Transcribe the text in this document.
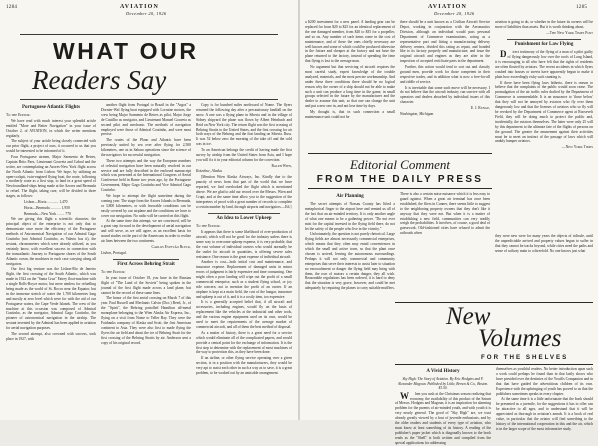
1284	AVIATION
December 20, 1926
WHAT OUR
Readers Say
Portuguese Atlantic Flights

To the Editor:

We have read with much interest your splendid article entitled "More and Better Navigation" in your issue of October 2, of AVIATION, in which the writer mentions regularly.

The subject of your article being closely connected with our prior flight, a project of ours, it occurred to us that you would be interested to be informed of it.

Four Portuguese airmen, Major Sarmento de Beires, Captain Brito Paes, Lieutenant Gouveia and Cabral and the writer, are contemplating an Azores-New York flight across the North Atlantic from Lisbon. We hope, by utilizing an open-cockpit, twin-engined flying boat, the route, following a northerly route as a first stop, to land in a great speed of Newfoundland-ships being made at the Azores and Bermuda to refuel. The flight, taking care, will be divided in three stages, as follows:

Lisbon—Horta ............ 1,470

Horta—Bermuda ........... 1,950

Bermuda—New York ........ 770

We are giving this flight a scientific character, the principal object of the enterprise is not only that to demonstrate once more the efficiency of the Portuguese methods of Astronomical Navigation of our Admiral Gago Coutinho (not Admiral Coutinho, as Valerio has it), the sextant, chronometers which were already utilized, as you certainly know, with excellent success in connection with the transatlantic Journey to Portuguese shores of the South Atlantic ocean, the machines in each case carrying along all navigators.

Our first big venture was the Lisbon-Rio de Janeiro flight, the first crossing of the South Atlantic, which was made in 1922 on the "Santa Cruz" Fairey float-machine with a single Rolls-Royce motor, but mere aimless for refuelling being made as the world of St. Rocco near the Equator, but in the immense stretch of water the 1,700 kilometres long and mostly at zero level which were for with the aid of our Portuguese waters, the Cape Verde Islands. The crew of the machine at this occasion was composed of Admiral Coutinho, as the navigator, Admiral Gago Coutinho, the pioneer of astronomical navigation in the airship. The sextant invented by the Admiral has been applied in aviation for aerial navigation purposes.

The second attempt, also crowned with success, took place in 1927, with

another flight from Portugal to Brazil in the "Argos" a Dornier-Wal flying boat equipped with Lorraine motors, the crew being Major Sarmento de Beires as pilot, Major Jorge de Castilho as navigator, and Lieutenant Manuel Gouveia as second pilot and mechanic. The methods of navigation employed were those of Admiral Coutinho, and were most precise.

The routes of the Plano and Atlantic have been previously united by sea over after flying for 2,500 kilometres, one as in Sahara operations since the science of the navigators for successful navigation.

These two attempts and the way the European numbers of celestial navigation have been naturally resolved in our service and are fully described in the enclosed manuscript which was presented at the International Congress of Aerial Conference held in Rome two years ago, by the Portuguese Government, Major Gago Coutinho and Vice Admiral Gago Coutinho.

We hope to attempt the flight sometime during the coming year. The stage from the Azores Islands to Bermuda, or 3,800 kilometres, or with favorable conditions can be easily covered by our airplane and the conditions we have to cover our navigation. No radio will be carried on this flight.

At the same time this attempt, we are convinced, will be a great step forward in the development of aerial navigation and will serve, as we will agree, as an excellent basis for sound studies on the part of the Americans in order to realize air lines between the two continents.

Carlos Estevão Bleck,

Lisbon, Portugal.

First Across Behring Strait

To the Editor:

In your issue of October 18, you have in the Russian flight of "The Land of the Soviets" being spoken in the journal of the first flight made across a land plane, but cannot be the record of these same lines.

The honor of the first aerial crossing on March 7 of this year. Paul Russell and Mechanic Calvin (Doc.) Reed, Jr., of the "Spirit", the Behring patrolled Hamilton all-metal monoplane belonging to the Wien Alaska Air Express, Inc., flying on a visit from Nome to Teller Bay. They were the Fairbanks company of Alaska and Scott, the first American continent to Asia. They were also first to made flying the flyers the air field and about the ice of Behring Strait for the first crossing of the Behring Straits by air. Anderson sent a copy of his original record.

Copy is for hundred miles northward of Nome. The flyers returned the following day after a precautionary landfall on the snow. A one was a flying plane in Siberia and in the village of Sidney shipyard the plane was flown by Albert Heinbach and Reid on New York city. The return flight was the first crossing of Behring Straits to the United States, and the first crossing for air both ways of the Behring and the first landing on Siberia. Russ. It was 52 below zero the morning of the take off and the cold was in ice.

To an American belongs the credit of having made the first survey by airship from the United States from Asia, and I hope you will fix it in your editorial column for the correction.

Ralph Wien,

Kotzebue, Alaska.

[Mention Wien Alaska Airways, Inc. Kindly due to the paucity of news from that part of the world that we have reported, we find overlooked the flight which is mentioned above. We are glad to add our record over the Messrs. Wien and Crupi, and at the same time allow you to the suggestion of the interpreters of proof with a great number of records to complete a certain number by land, through airports and navigators.—Ed.]

An Idea to Lower Upkeep

To the Editor:

It appears that there is some likelihood of over-production of aircraft, which will not be good for the industry unless there is some way to overcome upkeep expense, it is very probable, that the vast volume of individual owners who would normally be the outlet for aircraft in quantities, is offering severe sales resistance. One reason is the great expense of individual aircraft.

Another is cost—both initial cost and maintenance, and insurance expense. Replacement of damaged units in minor errors of judgment is fairly expensive and time consuming. One might often a poor landing will wipe out the profit of a small commercial enterprise, such as a student flying school, or joy ride concern, not to mention the profit of an owner. If an airplane is kept at a main field, the cost of the hangar, insurance and upkeep is out of it, and it is a costly item, too expensive.

It is a generally accepted belief that, if all aircraft and accessories, including engines, would fly on the basis of replacement like the vehicles at the industrial and other tools, and the various engine equipment used on its own, would be used to meet the requirements of the average market of commercial aircraft, and all of them the best method of disposal.

As a matter of history, there is a great need for a service which would eliminate all of the complicated papers, and would provide a central point for the exchange of information. It is the first step to determine with the replacement of most machines of the way to protection this, as they have been done.

If an airline, or other flying service operating over a given section, is in a position with the manufacturers, they would be very apt to assist each other in such a way as to save, it is a great problem, to be worked out by an amicable arrangement.

AVIATION
December 20, 1926
1285

a $200 investment for a new panel. A landing gear can be replaced for from $20 to $25 for an identical replacement of the one damaged member, from $20 to $35 for a propeller, and so on. Any number of such items come in the cost of maintenance, and of these the ones chiefly necessary are well known and some of which could be produced otherwise in the fixture and cheaper at the factory and not have the plane returned to the factory, instead of spending the time that flying is lost to the average man.

No argument but that servicing of aircraft requires the most careful study, expert knowledge of the trouble analyzed, materials, and the most precise workmanship. And under these three conditions there should be no logical reason why the owner of a ship should not be able to make such a unit can produce a long time in the game, in small groups selected in the future by the manufacturer and the dealer to assume this unit, so that one can change the unit and put a new one in, and not lose time by days.

My thought is, that in such connection a small maintenance unit could not be

there should be a unit known as a Civilian Aircraft Service Depot, working in conjunction with the Aeronautics Division, although an individual would pass personal Department of Commerce examinations, acting as a representative part and fitting a manufacturing delivery delivery centers, divided this rating as repair, and bonded like to its factory properly and manufacture, and issue the original aircraft and engines as they are after in the inspection of accepted certificate parts in the department.

Further, this action would tend to sort out and classify ground men, provide work for those competent in their respective trades, and in addition what is now a free-for-all and riddle of service.

It is inevitable that some such move will be necessary. I do not believe that the aircraft industry can survive with all operators and dealers absorbed by individual issues of this character.

E. J. Runge,

Washington, Michigan.

aviation is going to do, or whether in the future its owners will be more of liabilities than assets. But it is worth thinking about.

—The New York Times Post

Punishment for Law Flying

Direct testimony of the flying of a man of a pilot guilty of flying dangerously low over the roofs of Long Island, it is encouraging to all who have felt that the rights of residents are often flouted by aviators. The recent accidents in which flyers crashed into houses or streets have apparently begun to make it plain how exceedingly risky such stunting is.

If there have been flying laws hitherto, there is reason to believe that the complaints of the public would soon cease. The promulgation of the air traffic rules drafted by the Department of Commerce is commendable. It is an assurance to 'those below' that they will not be annoyed by aviators who fly over them dangerously low and that the licenses of aviators who so fly will be revoked by the Department of Commerce agent at Roosevelt Field, they will be doing much to protect the public and, incidentally, the aviators themselves. The latter were only 25 will by this department to the ultimate fate of the flights of persons on the ground. The greater the amusement against their activities must be to meet an instinct of the passage of laws which will unduly hamper aviators.

—New York Times

Editorial Comment
FROM THE DAILY PRESS
Air Planning

The secret attempts of Nassau County has lifted a metaphorical finger to the airport here and remind us all of the fact that an air-minded territory. It is only another angle of what one means to be a gathering power. "Do not ever mist for the capital invested in the flying field there, do not let the safety of the people who live in the vicinity."

Unfortunately, the question is not purely rhetorical. Large flying fields are almost necessarily commercial enterprises, which means that they often may entail conveniences in which the small and active town, so that the plant once chosen is arrived, leaving the autonomous surroundings. Perhaps it will not only commercial and community enterprises that serve their interests to assist later to situation no encroachment or danger the flying field may bring with them, the roar of motors a certain danger, they all wish. Reasonable regulations has been ordered, it is hard to deny that the situation is very grave, however, and could be met adequately by requiring the planes to carry suitable mufflers.

There is also a certain noise nuisance which it is less easy to guard against. When a great air terminal has once been established, the fliers in Conner, there seems little to suggest to the neighboring property owners that they don't like it anyway that they were not. But when it is a matter of establishing a new field, communities can very readily weigh the probabilities. It involves, of course, a good deal of guesswork. Old-fashioned cities have refused to admit the railroads when

they were new were for many years the objects of ridicule, until the unpredictable arrived and property values began to suffer in that they cannot be tracks beyond, while cities need the paths and sense of railway main to a threefold. No one knows just what

New
Volumes
FOR THE SHELVES

A Vivid History

Sky High: The Story of Aviation. By Eric Hodgins and F. Alexander Magoun. Published by Little, Brown & Co., Boston. $3.50.

When you rush at the Christmas season realizing that economy, the availability of this product of the Saturn of Messrs. Hodgins and Magoun, it is an inspiration for alarming problem for the parents of air-minded youth, and with youth it is very nearly general. The good of "Sky High" are, we trust already greatly viewed by a host of juvenile enthusiasts, and by the older readers and students of every type of aviation, who must know at least something of its history. A reading of the publisher's paper jacket which is diagonally known to the book reads as the "Shell" is both written and compiled from the special applications for addressing

themselves as youthful readers. No better introduction upon such a work could perhaps be found than in that lastly shows who have presided over the destinies of the Youth's Companion and in that that have guided the adventitious children of its own. Experience with the upbringing of youth has proved to us that the publishers sometimes speaks in every chapter.

At the same time it is a little unfortunate that the book should be presented as a juvenile, for the suggestions it has to offer can be attractive to all ages, and to understand that it will be appreciated as thorough in aviation's annals. It is a book of real value, in particular that the aviator will find something to the history of the international cooperation in this and the air, which is in the larger scope of the most informative study.
